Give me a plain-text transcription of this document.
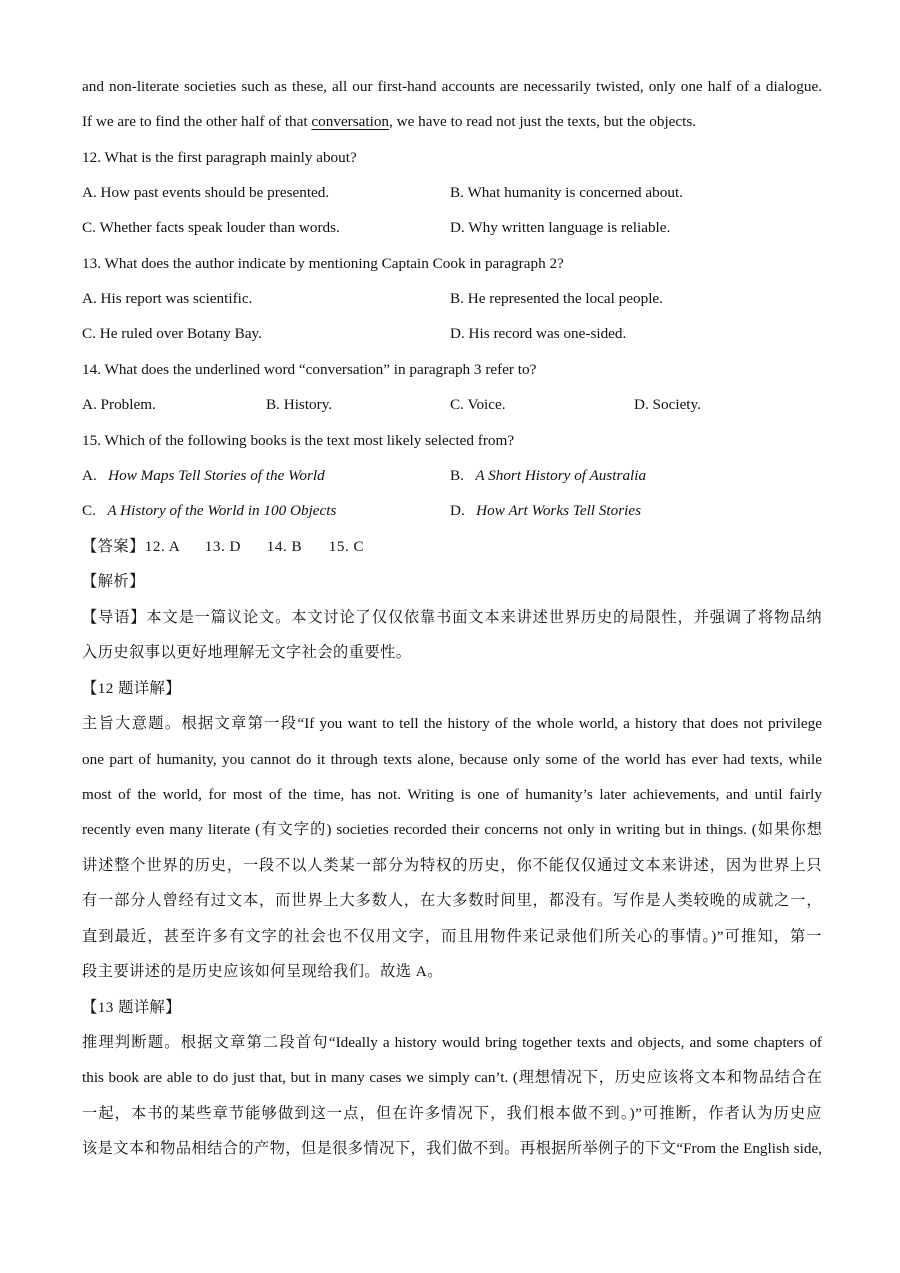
and non-literate societies such as these, all our first-hand accounts are necessarily twisted, only one half of a dialogue.
If we are to find the other half of that conversation, we have to read not just the texts, but the objects.
12. What is the first paragraph mainly about?
A. How past events should be presented.	B. What humanity is concerned about.
C. Whether facts speak louder than words.	D. Why written language is reliable.
13. What does the author indicate by mentioning Captain Cook in paragraph 2?
A. His report was scientific.	B. He represented the local people.
C. He ruled over Botany Bay.	D. His record was one-sided.
14. What does the underlined word “conversation” in paragraph 3 refer to?
A. Problem.	B. History.	C. Voice.	D. Society.
15. Which of the following books is the text most likely selected from?
A. How Maps Tell Stories of the World	B. A Short History of Australia
C. A History of the World in 100 Objects	D. How Art Works Tell Stories
【答案】12. A 13. D 14. B 15. C
【解析】
【导语】本文是一篇议论文。本文讨论了仅仅依靠书面文本来讲述世界历史的局限性，并强调了将物品纳
入历史叙事以更好地理解无文字社会的重要性。
【12 题详解】
主旨大意题。根据文章第一段“If you want to tell the history of the whole world, a history that does not privilege
one part of humanity, you cannot do it through texts alone, because only some of the world has ever had texts, while
most of the world, for most of the time, has not. Writing is one of humanity’s later achievements, and until fairly
recently even many literate (有文字的) societies recorded their concerns not only in writing but in things. (如果你想
讲述整个世界的历史，一段不以人类某一部分为特权的历史，你不能仅仅通过文本来讲述，因为世界上只
有一部分人曾经有过文本，而世界上大多数人，在大多数时间里，都没有。写作是人类较晚的成就之一，
直到最近，甚至许多有文字的社会也不仅用文字，而且用物件来记录他们所关心的事情。)”可推知，第一
段主要讲述的是历史应该如何呈现给我们。故选 A。
【13 题详解】
推理判断题。根据文章第二段首句“Ideally a history would bring together texts and objects, and some chapters of
this book are able to do just that, but in many cases we simply can’t. (理想情况下，历史应该将文本和物品结合在
一起，本书的某些章节能够做到这一点，但在许多情况下，我们根本做不到。)”可推断，作者认为历史应
该是文本和物品相结合的产物，但是很多情况下，我们做不到。再根据所举例子的下文“From the English side,
